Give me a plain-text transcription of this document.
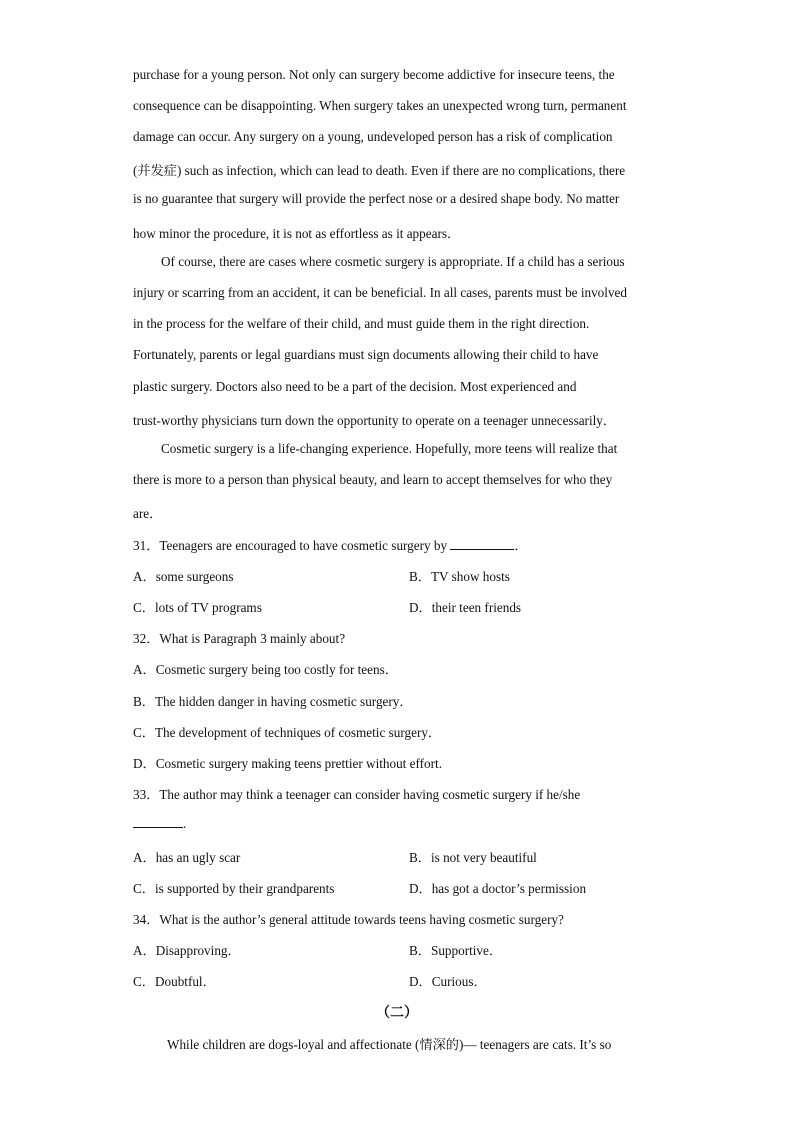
purchase for a young person. Not only can surgery become addictive for insecure teens, the
consequence can be disappointing. When surgery takes an unexpected wrong turn, permanent
damage can occur. Any surgery on a young, undeveloped person has a risk of complication
(并发症) such as infection, which can lead to death. Even if there are no complications, there
is no guarantee that surgery will provide the perfect nose or a desired shape body. No matter
how minor the procedure, it is not as effortless as it appears．
Of course, there are cases where cosmetic surgery is appropriate. If a child has a serious
injury or scarring from an accident, it can be beneficial. In all cases, parents must be involved
in the process for the welfare of their child, and must guide them in the right direction.
Fortunately, parents or legal guardians must sign documents allowing their child to have
plastic surgery. Doctors also need to be a part of the decision. Most experienced and
trust-worthy physicians turn down the opportunity to operate on a teenager unnecessarily．
Cosmetic surgery is a life-changing experience. Hopefully, more teens will realize that
there is more to a person than physical beauty, and learn to accept themselves for who they
are．
31．Teenagers are encouraged to have cosmetic surgery by	．
A．some surgeons	B．TV show hosts
C．lots of TV programs	D．their teen friends
32．What is Paragraph 3 mainly about?
A．Cosmetic surgery being too costly for teens．
B．The hidden danger in having cosmetic surgery．
C．The development of techniques of cosmetic surgery．
D．Cosmetic surgery making teens prettier without effort.
33．The author may think a teenager can consider having cosmetic surgery if he/she
.
A．has an ugly scar	B．is not very beautiful
C．is supported by their grandparents	D．has got a doctor’s permission
34．What is the author’s general attitude towards teens having cosmetic surgery?
A．Disapproving．	B．Supportive．
C．Doubtful．	D．Curious．
（二）
While children are dogs-loyal and affectionate (情深的)— teenagers are cats. It’s so
